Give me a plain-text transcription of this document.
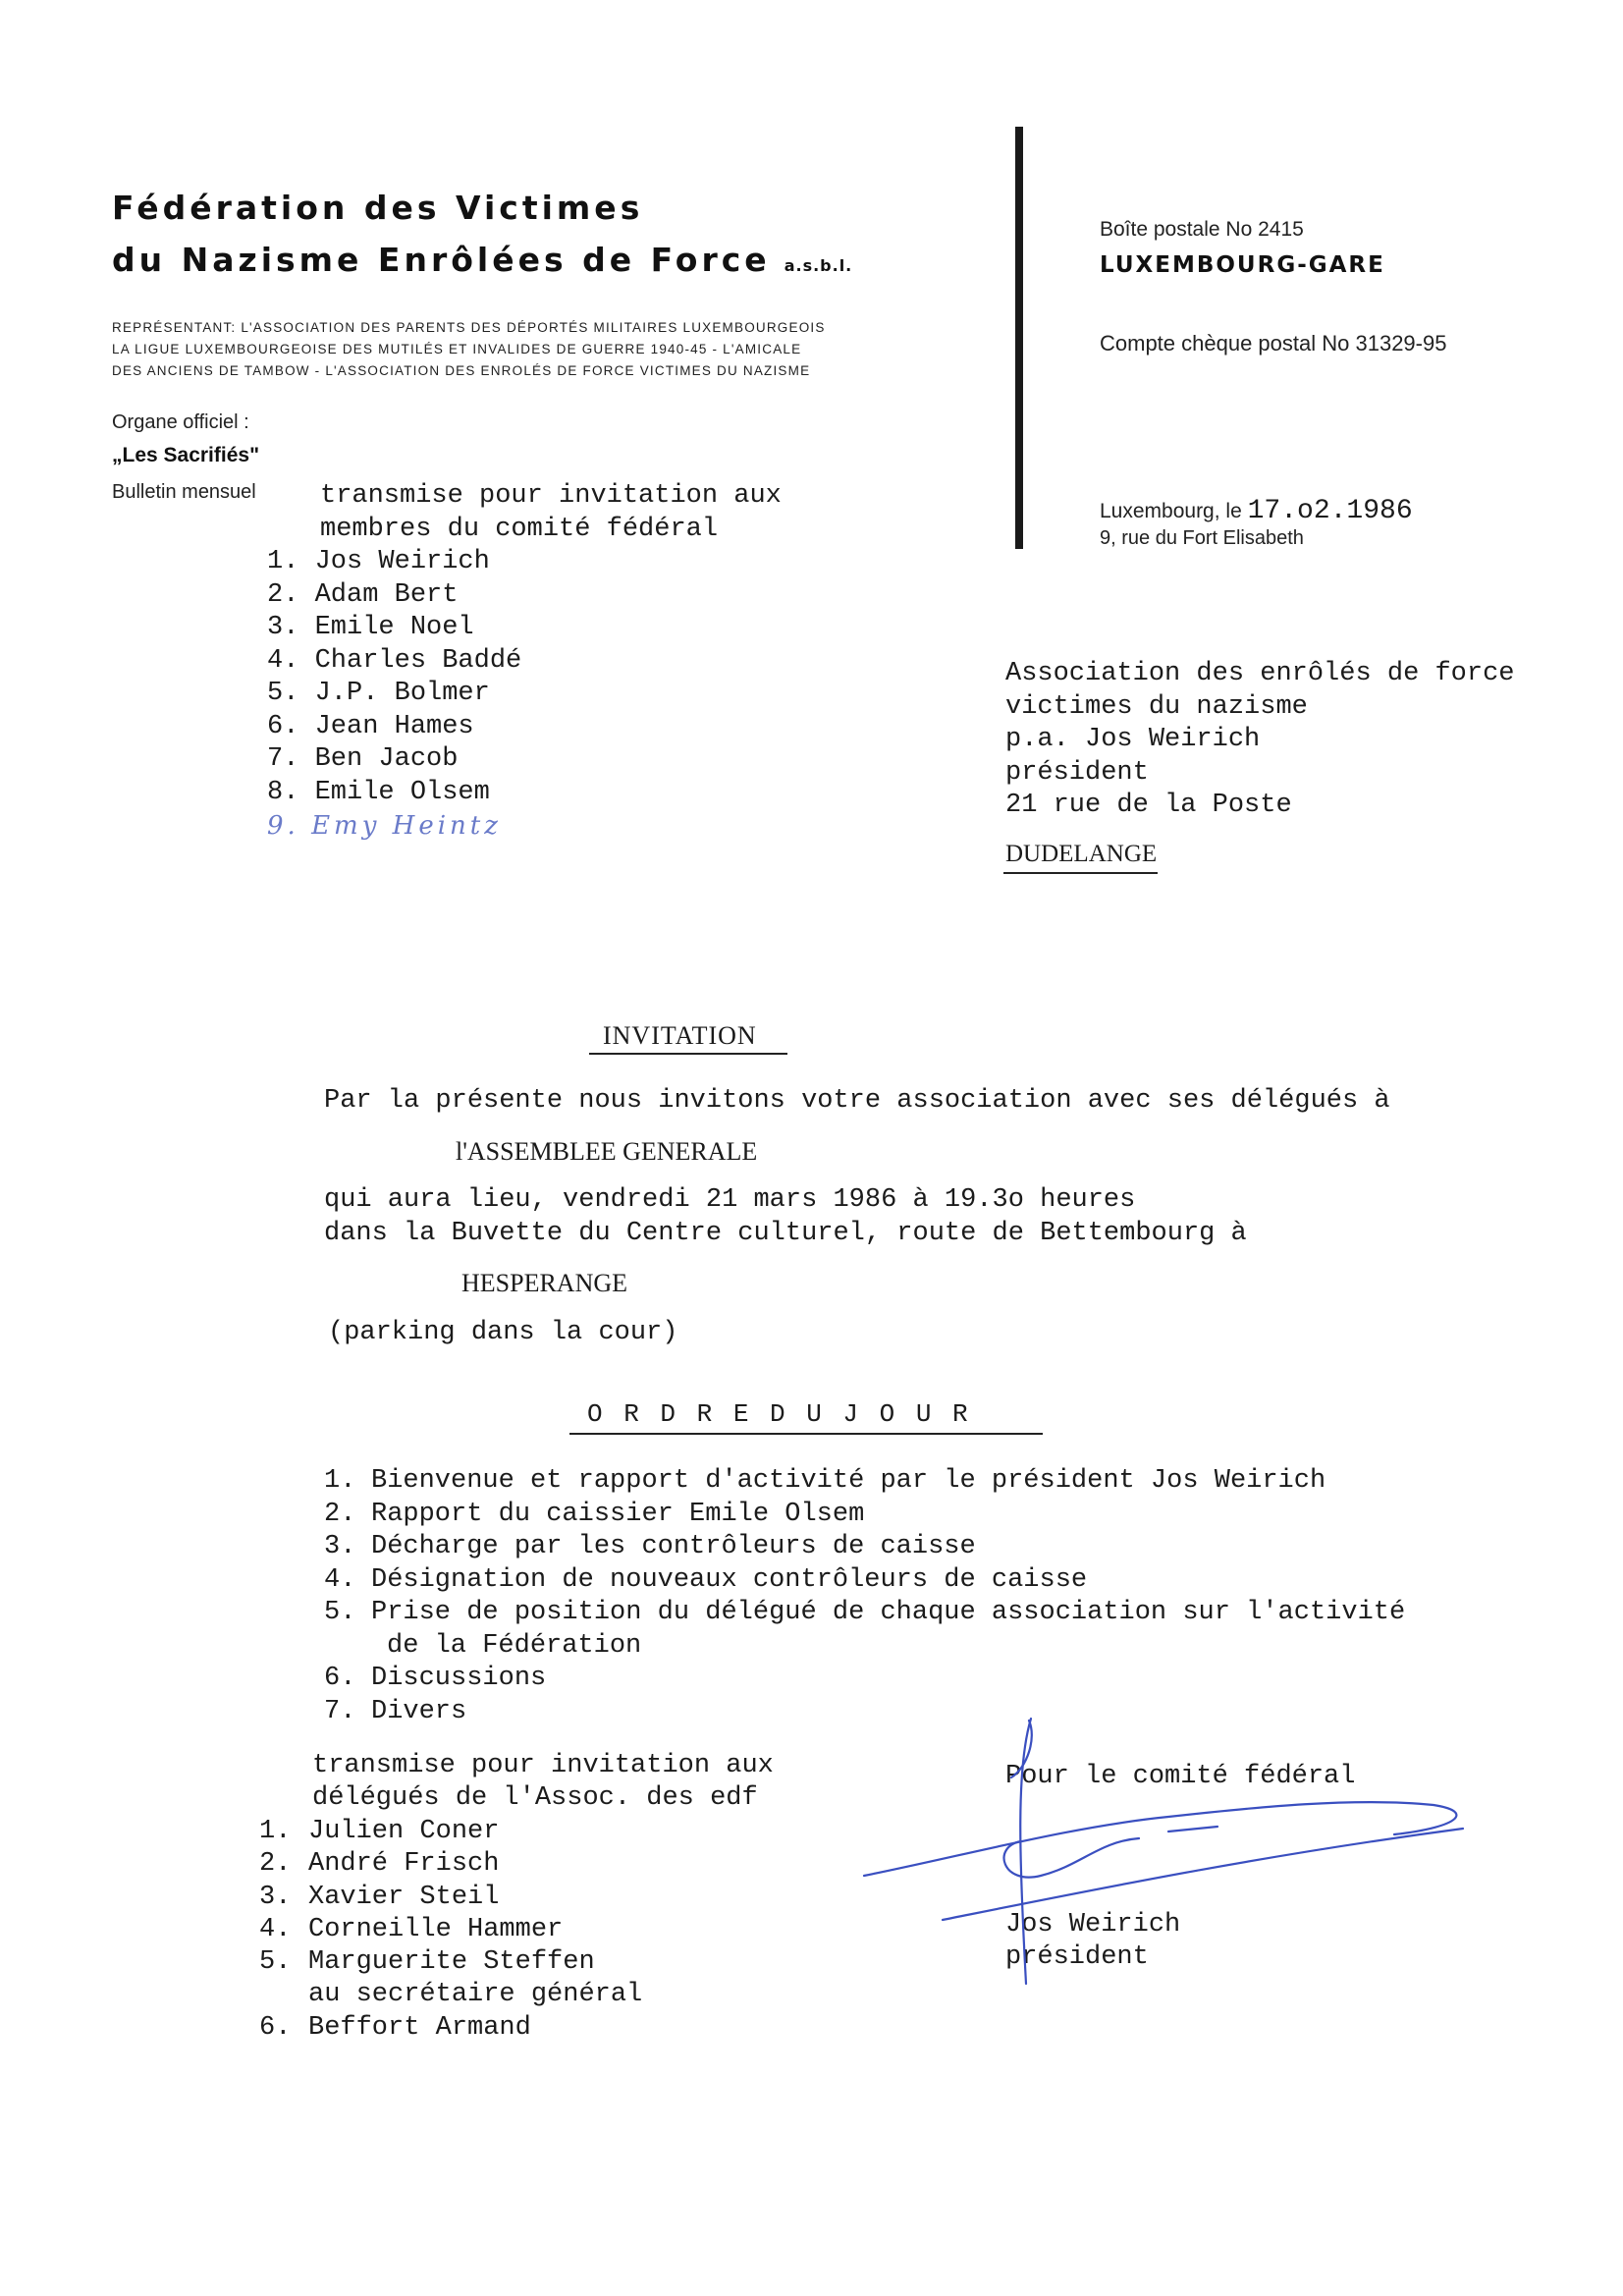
Fédération des Victimes
du Nazisme Enrôlées de Force a.s.b.l.
REPRÉSENTANT: L'ASSOCIATION DES PARENTS DES DÉPORTÉS MILITAIRES LUXEMBOURGEOIS
LA LIGUE LUXEMBOURGEOISE DES MUTILÉS ET INVALIDES DE GUERRE 1940-45 - L'AMICALE
DES ANCIENS DE TAMBOW - L'ASSOCIATION DES ENROLÉS DE FORCE VICTIMES DU NAZISME
Organe officiel :
„Les Sacrifiés"
Bulletin mensuel
Boîte postale No 2415
LUXEMBOURG-GARE
Compte chèque postal No 31329-95
Luxembourg, le 17.o2.1986
9, rue du Fort Elisabeth
transmise pour invitation aux
membres du comité fédéral
1. Jos Weirich
2. Adam Bert
3. Emile Noel
4. Charles Baddé
5. J.P. Bolmer
6. Jean Hames
7. Ben Jacob
8. Emile Olsem
9. Emy Heintz
Association des enrôlés de force
victimes du nazisme
p.a. Jos Weirich
président
21 rue de la Poste
DUDELANGE
INVITATION
Par la présente nous invitons votre association avec ses délégués à
l'ASSEMBLEE GENERALE
qui aura lieu, vendredi 21 mars 1986 à 19.3o heures
dans la Buvette du Centre culturel, route de Bettembourg à
HESPERANGE
(parking dans la cour)
O R D R E D U J O U R
1. Bienvenue et rapport d'activité par le président Jos Weirich
2. Rapport du caissier Emile Olsem
3. Décharge par les contrôleurs de caisse
4. Désignation de nouveaux contrôleurs de caisse
5. Prise de position du délégué de chaque association sur l'activité
de la Fédération
6. Discussions
7. Divers
transmise pour invitation aux
délégués de l'Assoc. des edf
1. Julien Coner
2. André Frisch
3. Xavier Steil
4. Corneille Hammer
5. Marguerite Steffen
au secrétaire général
6. Beffort Armand
Pour le comité fédéral
Jos Weirich
président
